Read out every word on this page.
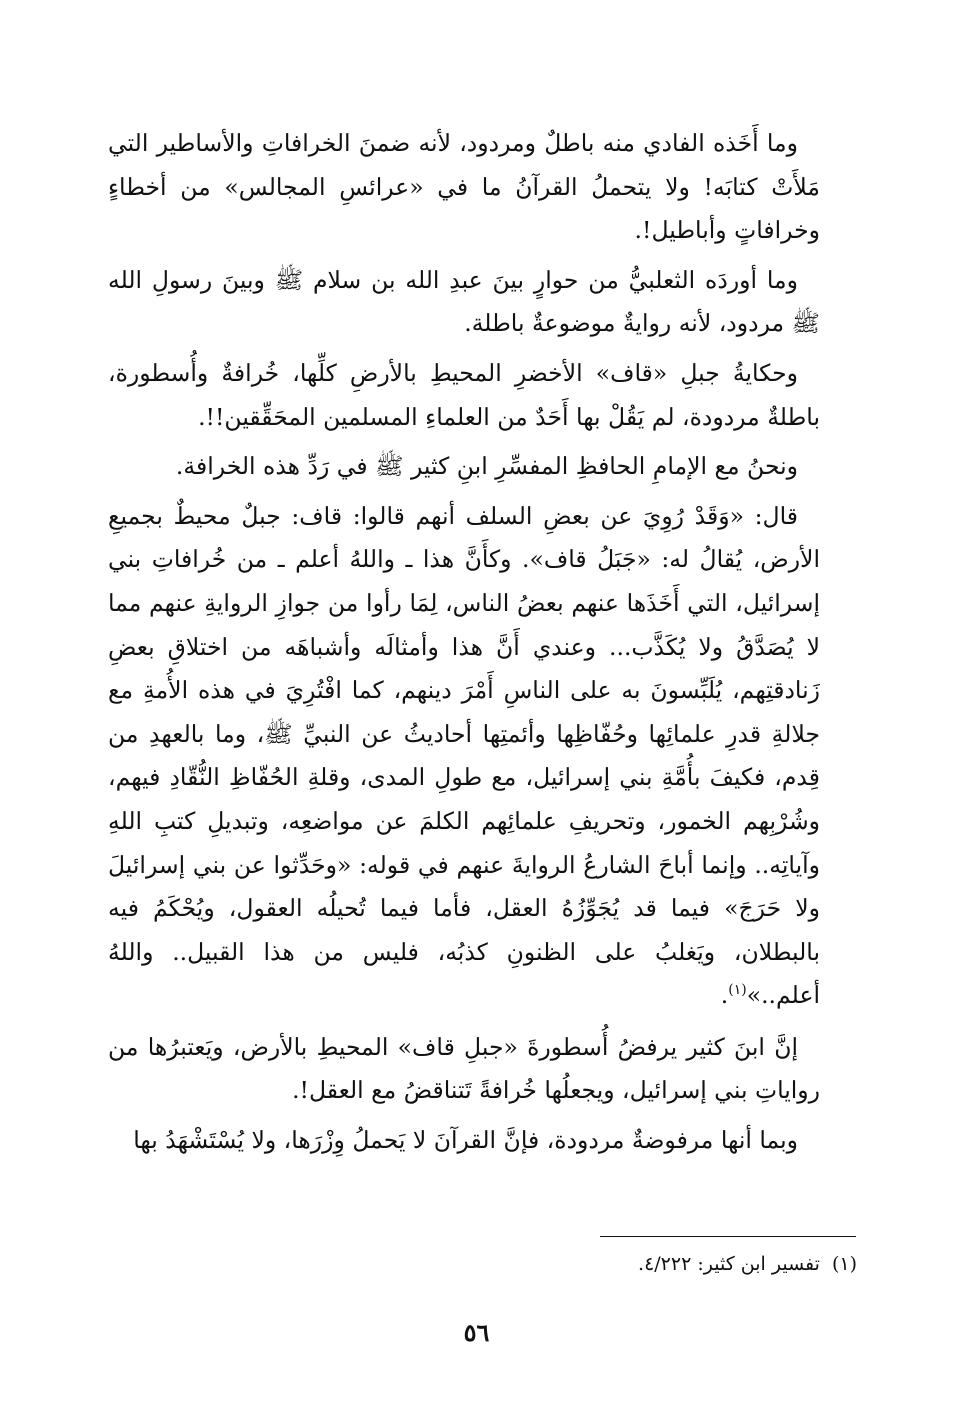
وما أَخَذه الفادي منه باطلٌ ومردود، لأنه ضمنَ الخرافاتِ والأساطير التي مَلأَتْ كتابَه! ولا يتحملُ القرآنُ ما في «عرائسِ المجالس» من أخطاءٍ وخرافاتٍ وأباطيل!.

وما أوردَه الثعلبيُّ من حوارٍ بينَ عبدِ الله بن سلام ﷺ وبينَ رسولِ الله ﷺ مردود، لأنه روايةٌ موضوعةٌ باطلة.

وحكايةُ جبلِ «قاف» الأخضرِ المحيطِ بالأرضِ كلِّها، خُرافةٌ وأُسطورة، باطلةٌ مردودة، لم يَقُلْ بها أَحَدٌ من العلماءِ المسلمين المحَقِّقين!!.

ونحنُ مع الإمامِ الحافظِ المفسِّرِ ابنِ كثير ﷺ في رَدِّ هذه الخرافة.

قال: «وَقَدْ رُوِيَ عن بعضِ السلف أنهم قالوا: قاف: جبلٌ محيطٌ بجميعِ الأرض، يُقالُ له: «جَبَلُ قاف». وكأَنَّ هذا ـ واللهُ أعلم ـ من خُرافاتِ بني إسرائيل، التي أَخَذَها عنهم بعضُ الناس، لِمَا رأوا من جوازِ الروايةِ عنهم مما لا يُصَدَّقُ ولا يُكَذَّب... وعندي أَنَّ هذا وأمثالَه وأشباهَه من اختلاقِ بعضِ زَنادقتِهم، يُلَبِّسونَ به على الناسِ أَمْرَ دينهم، كما افْتُرِيَ في هذه الأُمةِ مع جلالةِ قدرِ علمائِها وحُفّاظِها وأئمتِها أحاديثُ عن النبيِّ ﷺ، وما بالعهدِ من قِدم، فكيفَ بأُمَّةِ بني إسرائيل، مع طولِ المدى، وقلةِ الحُفّاظِ النُّقّادِ فيهم، وشُرْبِهم الخمور، وتحريفِ علمائِهم الكلمَ عن مواضعِه، وتبديلِ كتبِ اللهِ وآياتِه.. وإنما أباحَ الشارعُ الروايةَ عنهم في قوله: «وحَدِّثوا عن بني إسرائيلَ ولا حَرَجَ» فيما قد يُجَوِّزُهُ العقل، فأما فيما تُحيلُه العقول، ويُحْكَمُ فيه بالبطلان، ويَغلبُ على الظنونِ كذبُه، فليس من هذا القبيل.. واللهُ أعلم..»$^{(١)}$.

إنَّ ابنَ كثير يرفضُ أُسطورةَ «جبلِ قاف» المحيطِ بالأرض، ويَعتبرُها من رواياتِ بني إسرائيل، ويجعلُها خُرافةً تَتناقضُ مع العقل!.

وبما أنها مرفوضةٌ مردودة، فإنَّ القرآنَ لا يَحملُ وِزْرَها، ولا يُسْتَشْهَدُ بها

(١)تفسير ابن كثير: ٤/٢٢٢.
٥٦
